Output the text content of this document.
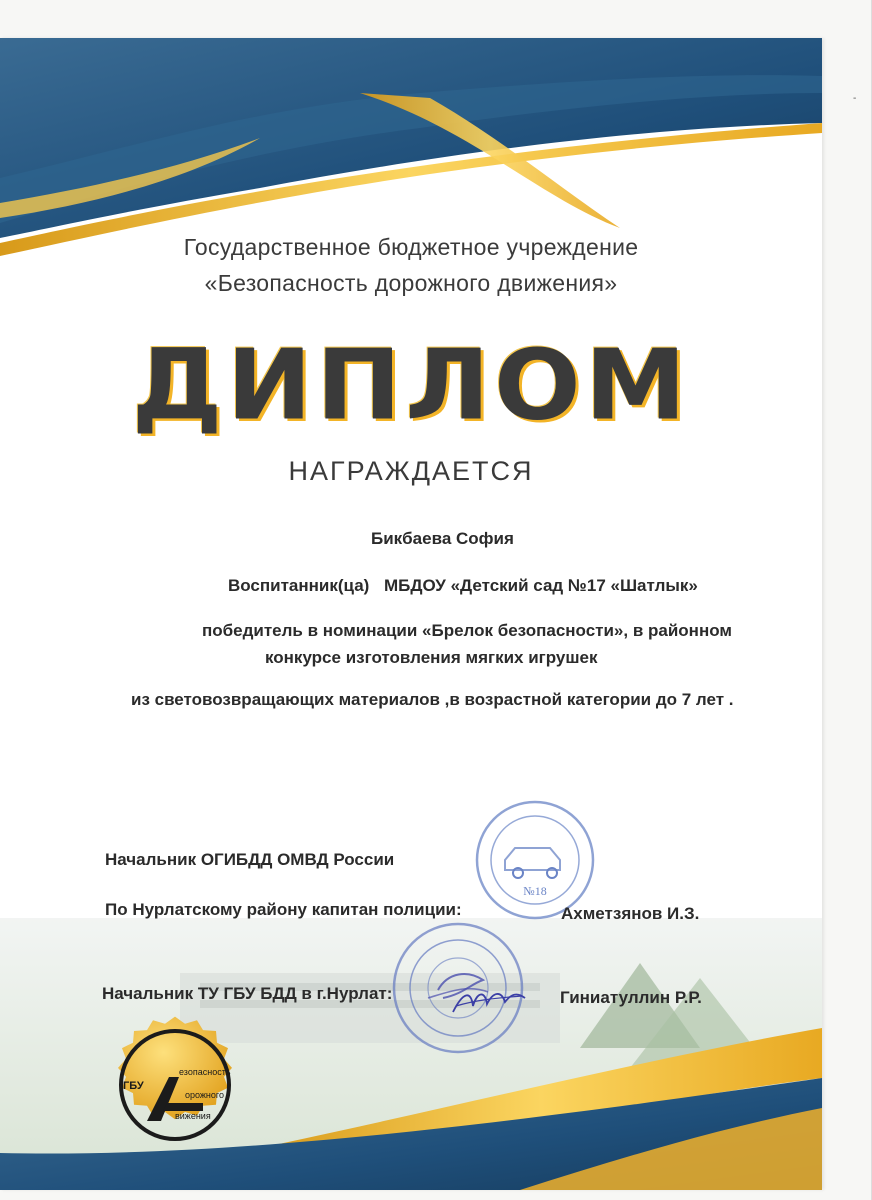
-
№18
ГБУ
езопасность
орожного
вижения
Государственное бюджетное учреждение
«Безопасность дорожного движения»
ДИПЛОМ
НАГРАЖДАЕТСЯ
Бикбаева София
Воспитанник(ца) МБДОУ «Детский сад №17 «Шатлык»
победитель в номинации «Брелок безопасности», в районном
конкурсе изготовления мягких игрушек
из световозвращающих материалов ,в возрастной категории до 7 лет .
Начальник ОГИБДД ОМВД России
По Нурлатскому району капитан полиции:	Ахметзянов И.З.
Начальник ТУ ГБУ БДД в г.Нурлат:	Гиниатуллин Р.Р.
